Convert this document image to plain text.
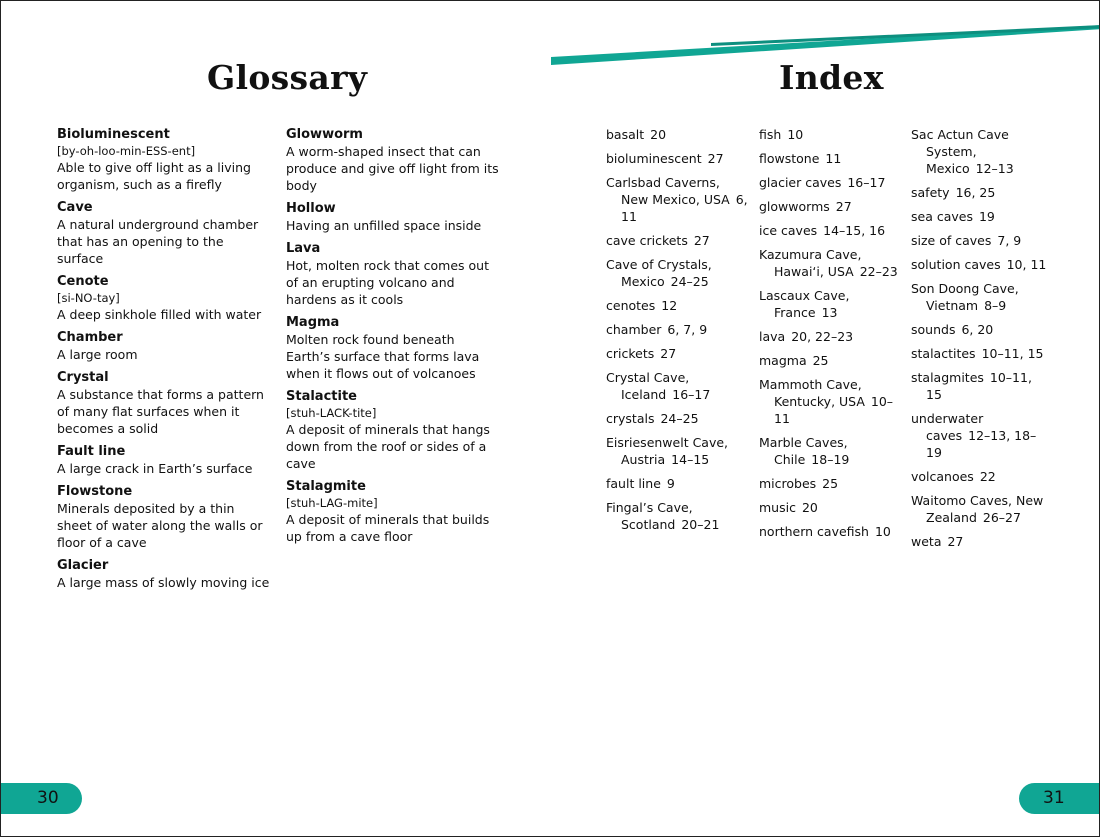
Glossary	Index
Bioluminescent
[by-oh-loo-min-ESS-ent]
Able to give off light as a living organism, such as a firefly
Cave
A natural underground chamber that has an opening to the surface
Cenote
[si-NO-tay]
A deep sinkhole filled with water
Chamber
A large room
Crystal
A substance that forms a pattern of many flat surfaces when it becomes a solid
Fault line
A large crack in Earth’s surface
Flowstone
Minerals deposited by a thin sheet of water along the walls or floor of a cave
Glacier
A large mass of slowly moving ice
Glowworm
A worm-shaped insect that can produce and give off light from its body
Hollow
Having an unfilled space inside
Lava
Hot, molten rock that comes out of an erupting volcano and hardens as it cools
Magma
Molten rock found beneath Earth’s surface that forms lava when it flows out of volcanoes
Stalactite
[stuh-LACK-tite]
A deposit of minerals that hangs down from the roof or sides of a cave
Stalagmite
[stuh-LAG-mite]
A deposit of minerals that builds up from a cave floor
basalt 20
bioluminescent 27
Carlsbad Caverns, New Mexico, USA 6, 11
cave crickets 27
Cave of Crystals, Mexico 24–25
cenotes 12
chamber 6, 7, 9
crickets 27
Crystal Cave, Iceland 16–17
crystals 24–25
Eisriesenwelt Cave, Austria 14–15
fault line 9
Fingal’s Cave, Scotland 20–21
fish 10
flowstone 11
glacier caves 16–17
glowworms 27
ice caves 14–15, 16
Kazumura Cave, Hawai‘i, USA 22–23
Lascaux Cave, France 13
lava 20, 22–23
magma 25
Mammoth Cave, Kentucky, USA 10–11
Marble Caves, Chile 18–19
microbes 25
music 20
northern cavefish 10
Sac Actun Cave System, Mexico 12–13
safety 16, 25
sea caves 19
size of caves 7, 9
solution caves 10, 11
Son Doong Cave, Vietnam 8–9
sounds 6, 20
stalactites 10–11, 15
stalagmites 10–11, 15
underwater caves 12–13, 18–19
volcanoes 22
Waitomo Caves, New Zealand 26–27
weta 27
30	31
